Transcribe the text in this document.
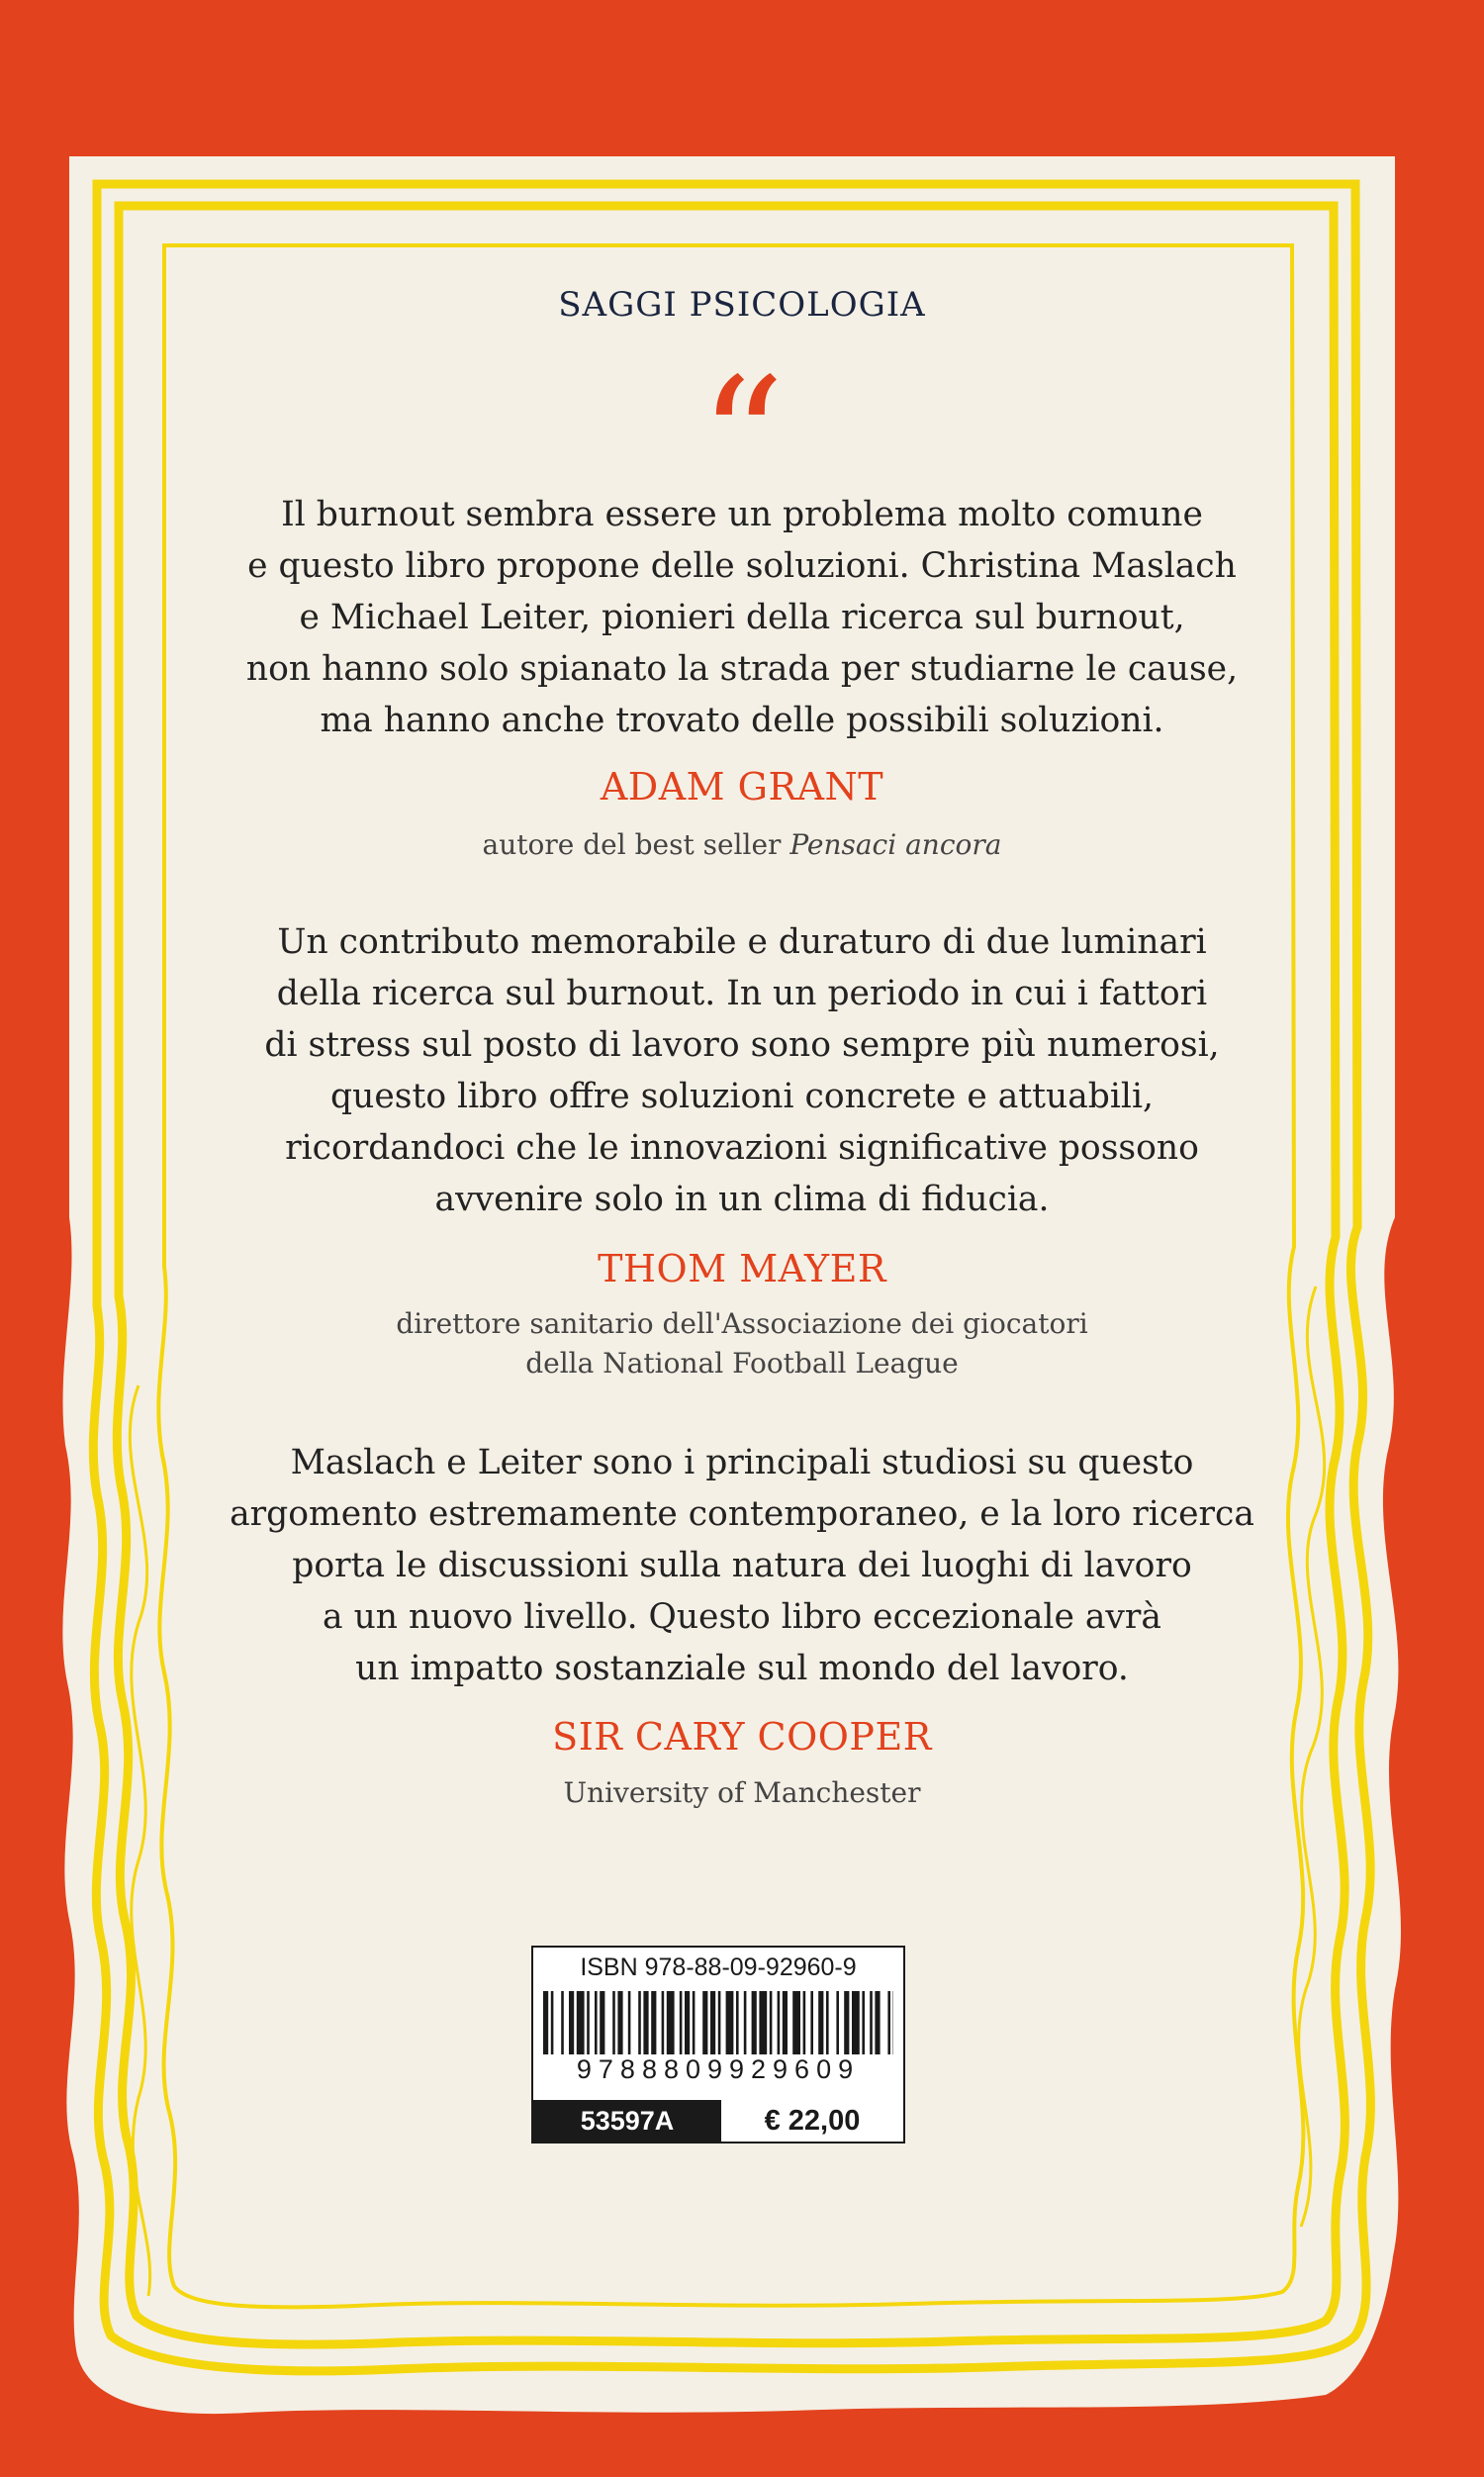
SAGGI PSICOLOGIA
“
Il burnout sembra essere un problema molto comune
e questo libro propone delle soluzioni. Christina Maslach
e Michael Leiter, pionieri della ricerca sul burnout,
non hanno solo spianato la strada per studiarne le cause,
ma hanno anche trovato delle possibili soluzioni.
ADAM GRANT
autore del best seller Pensaci ancora
Un contributo memorabile e duraturo di due luminari
della ricerca sul burnout. In un periodo in cui i fattori
di stress sul posto di lavoro sono sempre più numerosi,
questo libro offre soluzioni concrete e attuabili,
ricordandoci che le innovazioni significative possono
avvenire solo in un clima di fiducia.
THOM MAYER
direttore sanitario dell'Associazione dei giocatori
della National Football League
Maslach e Leiter sono i principali studiosi su questo
argomento estremamente contemporaneo, e la loro ricerca
porta le discussioni sulla natura dei luoghi di lavoro
a un nuovo livello. Questo libro eccezionale avrà
un impatto sostanziale sul mondo del lavoro.
SIR CARY COOPER
University of Manchester
ISBN 978-88-09-92960-9
9788809929609
53597A	€ 22,00
